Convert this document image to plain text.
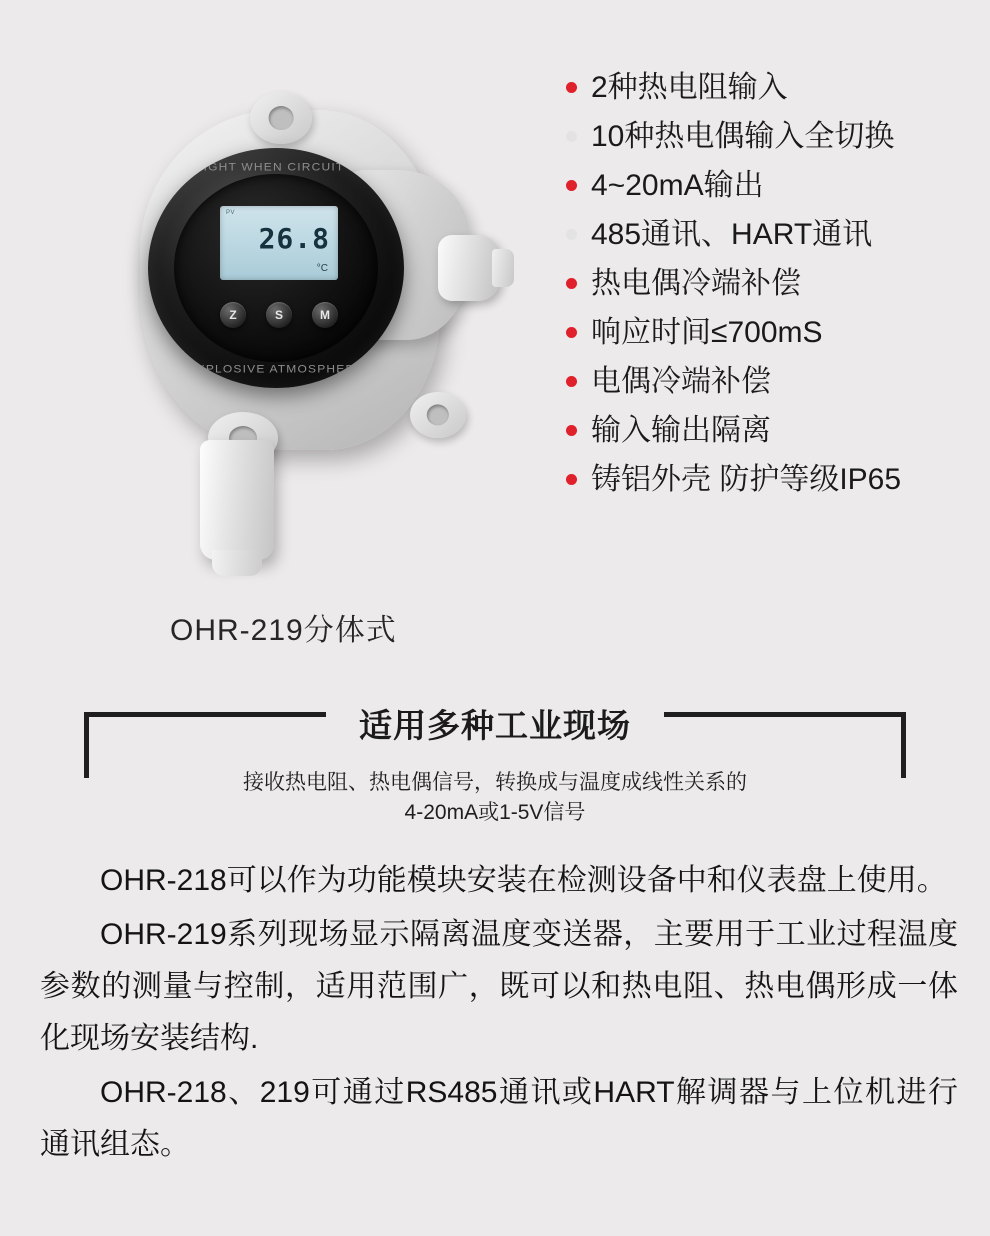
KEEP TIGHT WHEN CIRCUIT IS LIVE
EXPLOSIVE ATMOSPHERE
PV
26.8
°C
Z	S	M
OHR-219分体式
2种热电阻输入
10种热电偶输入全切换
4~20mA输出
485通讯、HART通讯
热电偶冷端补偿
响应时间≤700mS
电偶冷端补偿
输入输出隔离
铸铝外壳 防护等级IP65
适用多种工业现场
接收热电阻、热电偶信号，转换成与温度成线性关系的
4-20mA或1-5V信号

OHR-218可以作为功能模块安装在检测设备中和仪表盘上使用。

OHR-219系列现场显示隔离温度变送器，主要用于工业过程温度参数的测量与控制，适用范围广，既可以和热电阻、热电偶形成一体化现场安装结构.

OHR-218、219可通过RS485通讯或HART解调器与上位机进行通讯组态。
